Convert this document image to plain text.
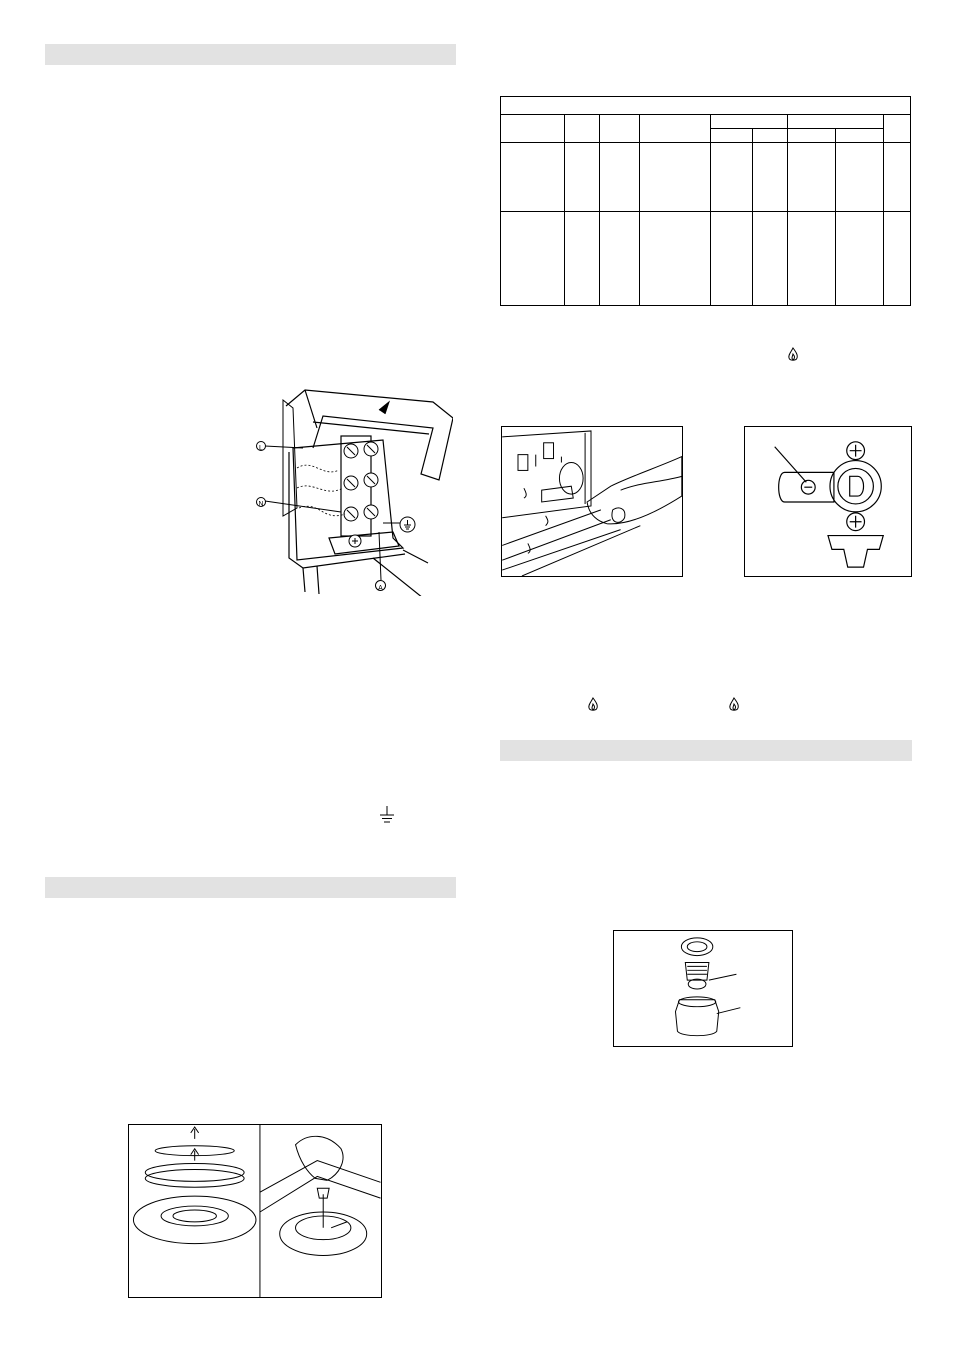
L
N
A
